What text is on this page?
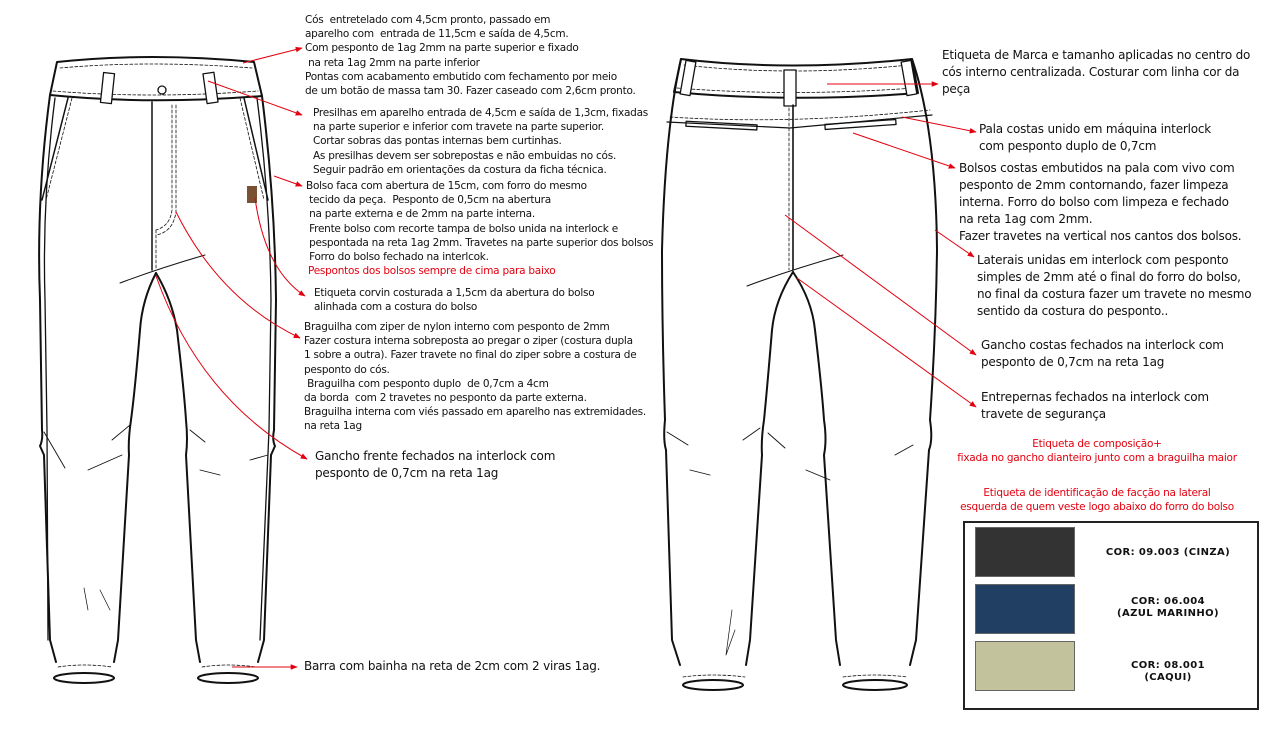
Cós  entretelado com 4,5cm pronto, passado em
aparelho com  entrada de 11,5cm e saída de 4,5cm.
Com pesponto de 1ag 2mm na parte superior e fixado
na reta 1ag 2mm na parte inferior
Pontas com acabamento embutido com fechamento por meio
de um botão de massa tam 30. Fazer caseado com 2,6cm pronto.
Presilhas em aparelho entrada de 4,5cm e saída de 1,3cm, fixadas
na parte superior e inferior com travete na parte superior.
Cortar sobras das pontas internas bem curtinhas.
As presilhas devem ser sobrepostas e não embuidas no cós.
Seguir padrão em orientações da costura da ficha técnica.
Bolso faca com abertura de 15cm, com forro do mesmo
tecido da peça.  Pesponto de 0,5cm na abertura
na parte externa e de 2mm na parte interna.
Frente bolso com recorte tampa de bolso unida na interlock e
pespontada na reta 1ag 2mm. Travetes na parte superior dos bolsos
Forro do bolso fechado na interlcok.
Pespontos dos bolsos sempre de cima para baixo
Etiqueta corvin costurada a 1,5cm da abertura do bolso
alinhada com a costura do bolso
Braguilha com ziper de nylon interno com pesponto de 2mm
Fazer costura interna sobreposta ao pregar o ziper (costura dupla
1 sobre a outra). Fazer travete no final do ziper sobre a costura de
pesponto do cós.
Braguilha com pesponto duplo  de 0,7cm a 4cm
da borda  com 2 travetes no pesponto da parte externa.
Braguilha interna com viés passado em aparelho nas extremidades.
na reta 1ag
Gancho frente fechados na interlock com
pesponto de 0,7cm na reta 1ag
Barra com bainha na reta de 2cm com 2 viras 1ag.
Etiqueta de Marca e tamanho aplicadas no centro do
cós interno centralizada. Costurar com linha cor da
peça
Pala costas unido em máquina interlock
com pesponto duplo de 0,7cm
Bolsos costas embutidos na pala com vivo com
pesponto de 2mm contornando, fazer limpeza
interna. Forro do bolso com limpeza e fechado
na reta 1ag com 2mm.
Fazer travetes na vertical nos cantos dos bolsos.
Laterais unidas em interlock com pesponto
simples de 2mm até o final do forro do bolso,
no final da costura fazer um travete no mesmo
sentido da costura do pesponto..
Gancho costas fechados na interlock com
pesponto de 0,7cm na reta 1ag
Entrepernas fechados na interlock com
travete de segurança
Etiqueta de composição+
fixada no gancho dianteiro junto com a braguilha maior
Etiqueta de identificação de facção na lateral
esquerda de quem veste logo abaixo do forro do bolso
COR: 09.003 (CINZA)
COR: 06.004
(AZUL MARINHO)
COR: 08.001
(CAQUI)
